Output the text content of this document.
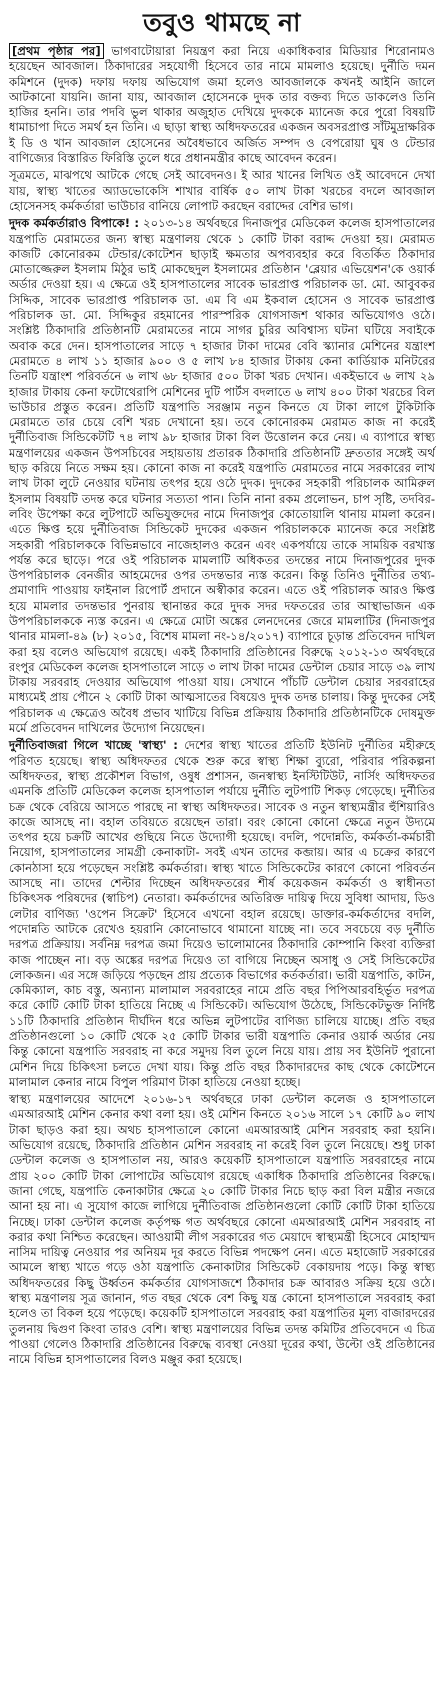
তবুও থামছে না

[প্রথম পৃষ্ঠার পর] ভাগবাটোয়ারা নিয়ন্ত্রণ করা নিয়ে একাধিকবার মিডিয়ার শিরোনামও হয়েছেন আবজাল। ঠিকাদারের সহযোগী হিসেবে তার নামে মামলাও হয়েছে। দুর্নীতি দমন কমিশনে (দুদক) দফায় দফায় অভিযোগ জমা হলেও আবজালকে কখনই আইনি জালে আটকানো যায়নি। জানা যায়, আবজাল হোসেনকে দুদক তার বক্তব্য দিতে ডাকলেও তিনি হাজির হননি। তার পদবি ভুল থাকার অজুহাত দেখিয়ে দুদককে ম্যানেজ করে পুরো বিষয়টি ধামাচাপা দিতে সমর্থ হন তিনি। এ ছাড়া স্বাস্থ্য অধিদফতরের একজন অবসরপ্রাপ্ত সাঁটমুদ্রাক্ষরিক ই ডি ও খান আবজাল হোসেনের অবৈধভাবে অর্জিত সম্পদ ও বেপরোয়া ঘুষ ও টেন্ডার বাণিজ্যের বিস্তারিত ফিরিস্তি তুলে ধরে প্রধানমন্ত্রীর কাছে আবেদন করেন।

সূত্রমতে, মাঝপথে আটকে গেছে সেই আবেদনও। ই আর খানের লিখিত ওই আবেদনে দেখা যায়, স্বাস্থ্য খাতের অ্যাডভোকেসি শাখার বার্ষিক ৫০ লাখ টাকা খরচের বদলে আবজাল হোসেনসহ কর্মকর্তারা ভাউচার বানিয়ে লোপাট করছেন বরাদ্দের বেশির ভাগ।

দুদক কর্মকর্তারাও বিপাকে! : ২০১৩-১৪ অর্থবছরে দিনাজপুর মেডিকেল কলেজ হাসপাতালের যন্ত্রপাতি মেরামতের জন্য স্বাস্থ্য মন্ত্রণালয় থেকে ১ কোটি টাকা বরাদ্দ দেওয়া হয়। মেরামত কাজটি কোনোরকম টেন্ডার/কোটেশন ছাড়াই ক্ষমতার অপব্যবহার করে বিতর্কিত ঠিকাদার মোতাজ্জেরুল ইসলাম মিঠুর ভাই মোকছেদুল ইসলামের প্রতিষ্ঠান 'ব্লেয়ার এভিয়েশন'কে ওয়ার্ক অর্ডার দেওয়া হয়। এ ক্ষেত্রে ওই হাসপাতালের সাবেক ভারপ্রাপ্ত পরিচালক ডা. মো. আবুবকর সিদ্দিক, সাবেক ভারপ্রাপ্ত পরিচালক ডা. এম বি এম ইকবাল হোসেন ও সাবেক ভারপ্রাপ্ত পরিচালক ডা. মো. সিদ্দিকুর রহমানের পারস্পরিক যোগসাজশ থাকার অভিযোগও ওঠে। সংশ্লিষ্ট ঠিকাদারি প্রতিষ্ঠানটি মেরামতের নামে সাগর চুরির অবিশ্বাস্য ঘটনা ঘটিয়ে সবাইকে অবাক করে দেন। হাসপাতালের সাড়ে ৭ হাজার টাকা দামের বেবি স্ক্যানার মেশিনের যন্ত্রাংশ মেরামতে ৪ লাখ ১১ হাজার ৯০০ ও ৫ লাখ ৮৪ হাজার টাকায় কেনা কার্ডিয়াক মনিটরের তিনটি যন্ত্রাংশ পরিবর্তনে ৬ লাখ ৬৮ হাজার ৫০০ টাকা খরচ দেখান। একইভাবে ৬ লাখ ২৯ হাজার টাকায় কেনা ফটোথেরাপি মেশিনের দুটি পার্টস বদলাতে ৬ লাখ ৪০০ টাকা খরচের বিল ভাউচার প্রস্তুত করেন। প্রতিটি যন্ত্রপাতি সরঞ্জাম নতুন কিনতে যে টাকা লাগে টুকিটাকি মেরামতে তার চেয়ে বেশি খরচ দেখানো হয়। তবে কোনোরকম মেরামত কাজ না করেই দুর্নীতিবাজ সিন্ডিকেটটি ৭৪ লাখ ৯৮ হাজার টাকা বিল উত্তোলন করে নেয়। এ ব্যাপারে স্বাস্থ্য মন্ত্রণালয়ের একজন উপসচিবের সহায়তায় প্রতারক ঠিকাদারি প্রতিষ্ঠানটি দ্রুততার সঙ্গেই অর্থ ছাড় করিয়ে নিতে সক্ষম হয়। কোনো কাজ না করেই যন্ত্রপাতি মেরামতের নামে সরকারের লাখ লাখ টাকা লুটে নেওয়ার ঘটনায় তৎপর হয়ে ওঠে দুদক। দুদকের সহকারী পরিচালক আমিরুল ইসলাম বিষয়টি তদন্ত করে ঘটনার সত্যতা পান। তিনি নানা রকম প্রলোভন, চাপ সৃষ্টি, তদবির-লবিং উপেক্ষা করে লুটপাটে অভিযুক্তদের নামে দিনাজপুর কোতোয়ালি থানায় মামলা করেন। এতে ক্ষিপ্ত হয়ে দুর্নীতিবাজ সিন্ডিকেট দুদকের একজন পরিচালককে ম্যানেজ করে সংশ্লিষ্ট সহকারী পরিচালককে বিভিন্নভাবে নাজেহালও করেন এবং একপর্যায়ে তাকে সাময়িক বরখাস্ত পর্যন্ত করে ছাড়ে। পরে ওই পরিচালক মামলাটি অধিকতর তদন্তের নামে দিনাজপুরের দুদক উপপরিচালক বেনজীর আহমেদের ওপর তদন্তভার ন্যস্ত করেন। কিন্তু তিনিও দুর্নীতির তথ্য-প্রমাণাদি পাওয়ায় ফাইনাল রিপোর্ট প্রদানে অস্বীকার করেন। এতে ওই পরিচালক আরও ক্ষিপ্ত হয়ে মামলার তদন্তভার পুনরায় স্থানান্তর করে দুদক সদর দফতরের তার আস্থাভাজন এক উপপরিচালককে ন্যস্ত করেন। এ ক্ষেত্রে মোটা অঙ্কের লেনদেনের জেরে মামলাটির (দিনাজপুর থানার মামলা-৪৯ (৮) ২০১৫, বিশেষ মামলা নং-১৪/২০১৭) ব্যাপারে চূড়ান্ত প্রতিবেদন দাখিল করা হয় বলেও অভিযোগ রয়েছে। একই ঠিকাদারি প্রতিষ্ঠানের বিরুদ্ধে ২০১২-১৩ অর্থবছরে রংপুর মেডিকেল কলেজ হাসপাতালে সাড়ে ৩ লাখ টাকা দামের ডেন্টাল চেয়ার সাড়ে ৩৯ লাখ টাকায় সরবরাহ দেওয়ার অভিযোগ পাওয়া যায়। সেখানে পাঁচটি ডেন্টাল চেয়ার সরবরাহের মাধ্যমেই প্রায় পৌনে ২ কোটি টাকা আত্মসাতের বিষয়েও দুদক তদন্ত চালায়। কিন্তু দুদকের সেই পরিচালক এ ক্ষেত্রেও অবৈধ প্রভাব খাটিয়ে বিভিন্ন প্রক্রিয়ায় ঠিকাদারি প্রতিষ্ঠানটিকে দোষমুক্ত মর্মে প্রতিবেদন দাখিলের উদ্যোগ নিয়েছেন।

দুর্নীতিবাজরা গিলে খাচ্ছে 'স্বাস্থ্য' : দেশের স্বাস্থ্য খাতের প্রতিটি ইউনিট দুর্নীতির মহীরুহে পরিণত হয়েছে। স্বাস্থ্য অধিদফতর থেকে শুরু করে স্বাস্থ্য শিক্ষা ব্যুরো, পরিবার পরিকল্পনা অধিদফতর, স্বাস্থ্য প্রকৌশল বিভাগ, ওষুধ প্রশাসন, জনস্বাস্থ্য ইনস্টিটিউট, নার্সিং অধিদফতর এমনকি প্রতিটি মেডিকেল কলেজ হাসপাতাল পর্যায়ে দুর্নীতি লুটপাটি শিকড় গেড়েছে। দুর্নীতির চক্র থেকে বেরিয়ে আসতে পারছে না স্বাস্থ্য অধিদফতর। সাবেক ও নতুন স্বাস্থ্যমন্ত্রীর হুঁশিয়ারিও কাজে আসছে না। বহাল তবিয়তে রয়েছেন তারা। বরং কোনো কোনো ক্ষেত্রে নতুন উদ্যমে তৎপর হয়ে চক্রটি আখের গুছিয়ে নিতে উদ্যোগী হয়েছে। বদলি, পদোন্নতি, কর্মকর্তা-কর্মচারী নিয়োগ, হাসপাতালের সামগ্রী কেনাকাটা- সবই এখন তাদের কব্জায়। আর এ চক্রের কারণে কোনঠাসা হয়ে পড়েছেন সংশ্লিষ্ট কর্মকর্তারা। স্বাস্থ্য খাতে সিন্ডিকেটের কারণে কোনো পরিবর্তন আসছে না। তাদের শেল্টার দিচ্ছেন অধিদফতরের শীর্ষ কয়েকজন কর্মকর্তা ও স্বাধীনতা চিকিৎসক পরিষদের (স্বাচিপ) নেতারা। কর্মকর্তাদের অতিরিক্ত দায়িত্ব দিয়ে সুবিধা আদায়, ডিও লেটার বাণিজ্য 'ওপেন সিক্রেট' হিসেবে এখনো বহাল রয়েছে। ডাক্তার-কর্মকর্তাদের বদলি, পদোন্নতি আটকে রেখেও হয়রানি কোনোভাবে থামানো যাচ্ছে না। তবে সবচেয়ে বড় দুর্নীতি দরপত্র প্রক্রিয়ায়। সর্বনিম্ন দরপত্র জমা দিয়েও ভালোমানের ঠিকাদারি কোম্পানি কিংবা ব্যক্তিরা কাজ পাচ্ছেন না। বড় অঙ্কের দরপত্র দিয়েও তা বাগিয়ে নিচ্ছেন অসাধু ও সেই সিন্ডিকেটের লোকজন। এর সঙ্গে জড়িয়ে পড়ছেন প্রায় প্রত্যেক বিভাগের কর্তকর্তারা। ভারী যন্ত্রপাতি, কাটন, কেমিক্যাল, কাচ বস্তু, অন্যান্য মালামাল সরবরাহের নামে প্রতি বছর পিপিআরবহির্ভূত দরপত্র করে কোটি কোটি টাকা হাতিয়ে নিচ্ছে এ সিন্ডিকেট। অভিযোগ উঠেছে, সিন্ডিকেটভুক্ত নির্দিষ্ট ১১টি ঠিকাদারি প্রতিষ্ঠান দীর্ঘদিন ধরে অভিন্ন লুটপাটের বাণিজ্য চালিয়ে যাচ্ছে। প্রতি বছর প্রতিষ্ঠানগুলো ১০ কোটি থেকে ২৫ কোটি টাকার ভারী যন্ত্রপাতি কেনার ওয়ার্ক অর্ডার নেয় কিন্তু কোনো যন্ত্রপাতি সরবরাহ না করে সমুদয় বিল তুলে নিয়ে যায়। প্রায় সব ইউনিট পুরানো মেশিন দিয়ে চিকিৎসা চলতে দেখা যায়। কিন্তু প্রতি বছর ঠিকাদারদের কাছ থেকে কোটেশনে মালামাল কেনার নামে বিপুল পরিমাণ টাকা হাতিয়ে নেওয়া হচ্ছে।

স্বাস্থ্য মন্ত্রণালয়ের আদেশে ২০১৬-১৭ অর্থবছরে ঢাকা ডেন্টাল কলেজ ও হাসপাতালে এমআরআই মেশিন কেনার কথা বলা হয়। ওই মেশিন কিনতে ২০১৬ সালে ১৭ কোটি ৯০ লাখ টাকা ছাড়ও করা হয়। অথচ হাসপাতালে কোনো এমআরআই মেশিন সরবরাহ করা হয়নি। অভিযোগ রয়েছে, ঠিকাদারি প্রতিষ্ঠান মেশিন সরবরাহ না করেই বিল তুলে নিয়েছে। শুধু ঢাকা ডেন্টাল কলেজ ও হাসপাতাল নয়, আরও কয়েকটি হাসপাতালে যন্ত্রপাতি সরবরাহের নামে প্রায় ২০০ কোটি টাকা লোপাটের অভিযোগ রয়েছে একাধিক ঠিকাদারি প্রতিষ্ঠানের বিরুদ্ধে। জানা গেছে, যন্ত্রপাতি কেনাকাটার ক্ষেত্রে ২০ কোটি টাকার নিচে ছাড় করা বিল মন্ত্রীর নজরে আনা হয় না। এ সুযোগ কাজে লাগিয়ে দুর্নীতিবাজ প্রতিষ্ঠানগুলো কোটি কোটি টাকা হাতিয়ে নিচ্ছে। ঢাকা ডেন্টাল কলেজ কর্তৃপক্ষ গত অর্থবছরে কোনো এমআরআই মেশিন সরবরাহ না করার কথা নিশ্চিত করেছেন। আওয়ামী লীগ সরকারের গত মেয়াদে স্বাস্থ্যমন্ত্রী হিসেবে মোহাম্মদ নাসিম দায়িত্ব নেওয়ার পর অনিয়ম দূর করতে বিভিন্ন পদক্ষেপ নেন। এতে মহাজোট সরকারের আমলে স্বাস্থ্য খাতে গড়ে ওঠা যন্ত্রপাতি কেনাকাটার সিন্ডিকেট বেকায়দায় পড়ে। কিন্তু স্বাস্থ্য অধিদফতরের কিছু উর্ধ্বতন কর্মকর্তার যোগসাজশে ঠিকাদার চক্র আবারও সক্রিয় হয়ে ওঠে। স্বাস্থ্য মন্ত্রণালয় সূত্র জানান, গত বছর থেকে বেশ কিছু যন্ত্র কোনো হাসপাতালে সরবরাহ করা হলেও তা বিকল হয়ে পড়েছে। কয়েকটি হাসপাতালে সরবরাহ করা যন্ত্রপাতির মূল্য বাজারদরের তুলনায় দ্বিগুণ কিংবা তারও বেশি। স্বাস্থ্য মন্ত্রণালয়ের বিভিন্ন তদন্ত কমিটির প্রতিবেদনে এ চিত্র পাওয়া গেলেও ঠিকাদারি প্রতিষ্ঠানের বিরুদ্ধে ব্যবস্থা নেওয়া দূরের কথা, উল্টো ওই প্রতিষ্ঠানের নামে বিভিন্ন হাসপাতালের বিলও মঞ্জুর করা হয়েছে।
